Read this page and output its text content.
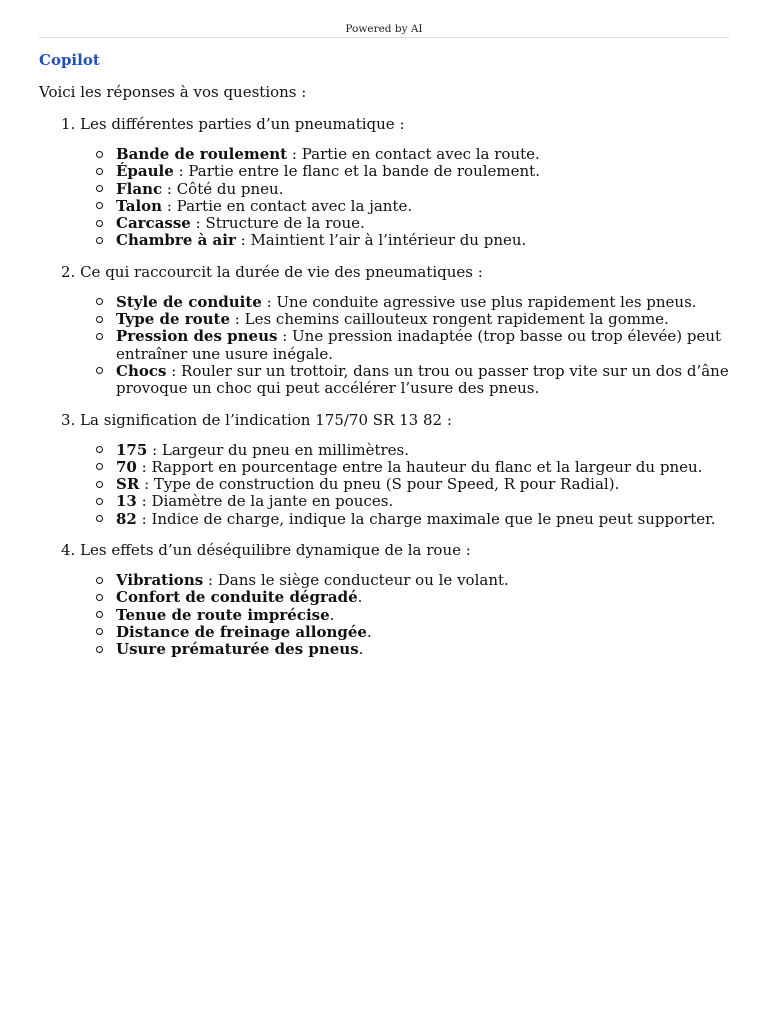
Powered by AI
Copilot
Voici les réponses à vos questions :
1. Les différentes parties d’un pneumatique :
Bande de roulement : Partie en contact avec la route.
Épaule : Partie entre le flanc et la bande de roulement.
Flanc : Côté du pneu.
Talon : Partie en contact avec la jante.
Carcasse : Structure de la roue.
Chambre à air : Maintient l’air à l’intérieur du pneu.
2. Ce qui raccourcit la durée de vie des pneumatiques :
Style de conduite : Une conduite agressive use plus rapidement les pneus.
Type de route : Les chemins caillouteux rongent rapidement la gomme.
Pression des pneus : Une pression inadaptée (trop basse ou trop élevée) peut entraîner une usure inégale.
Chocs : Rouler sur un trottoir, dans un trou ou passer trop vite sur un dos d’âne provoque un choc qui peut accélérer l’usure des pneus.
3. La signification de l’indication 175/70 SR 13 82 :
175 : Largeur du pneu en millimètres.
70 : Rapport en pourcentage entre la hauteur du flanc et la largeur du pneu.
SR : Type de construction du pneu (S pour Speed, R pour Radial).
13 : Diamètre de la jante en pouces.
82 : Indice de charge, indique la charge maximale que le pneu peut supporter.
4. Les effets d’un déséquilibre dynamique de la roue :
Vibrations : Dans le siège conducteur ou le volant.
Confort de conduite dégradé.
Tenue de route imprécise.
Distance de freinage allongée.
Usure prématurée des pneus.
